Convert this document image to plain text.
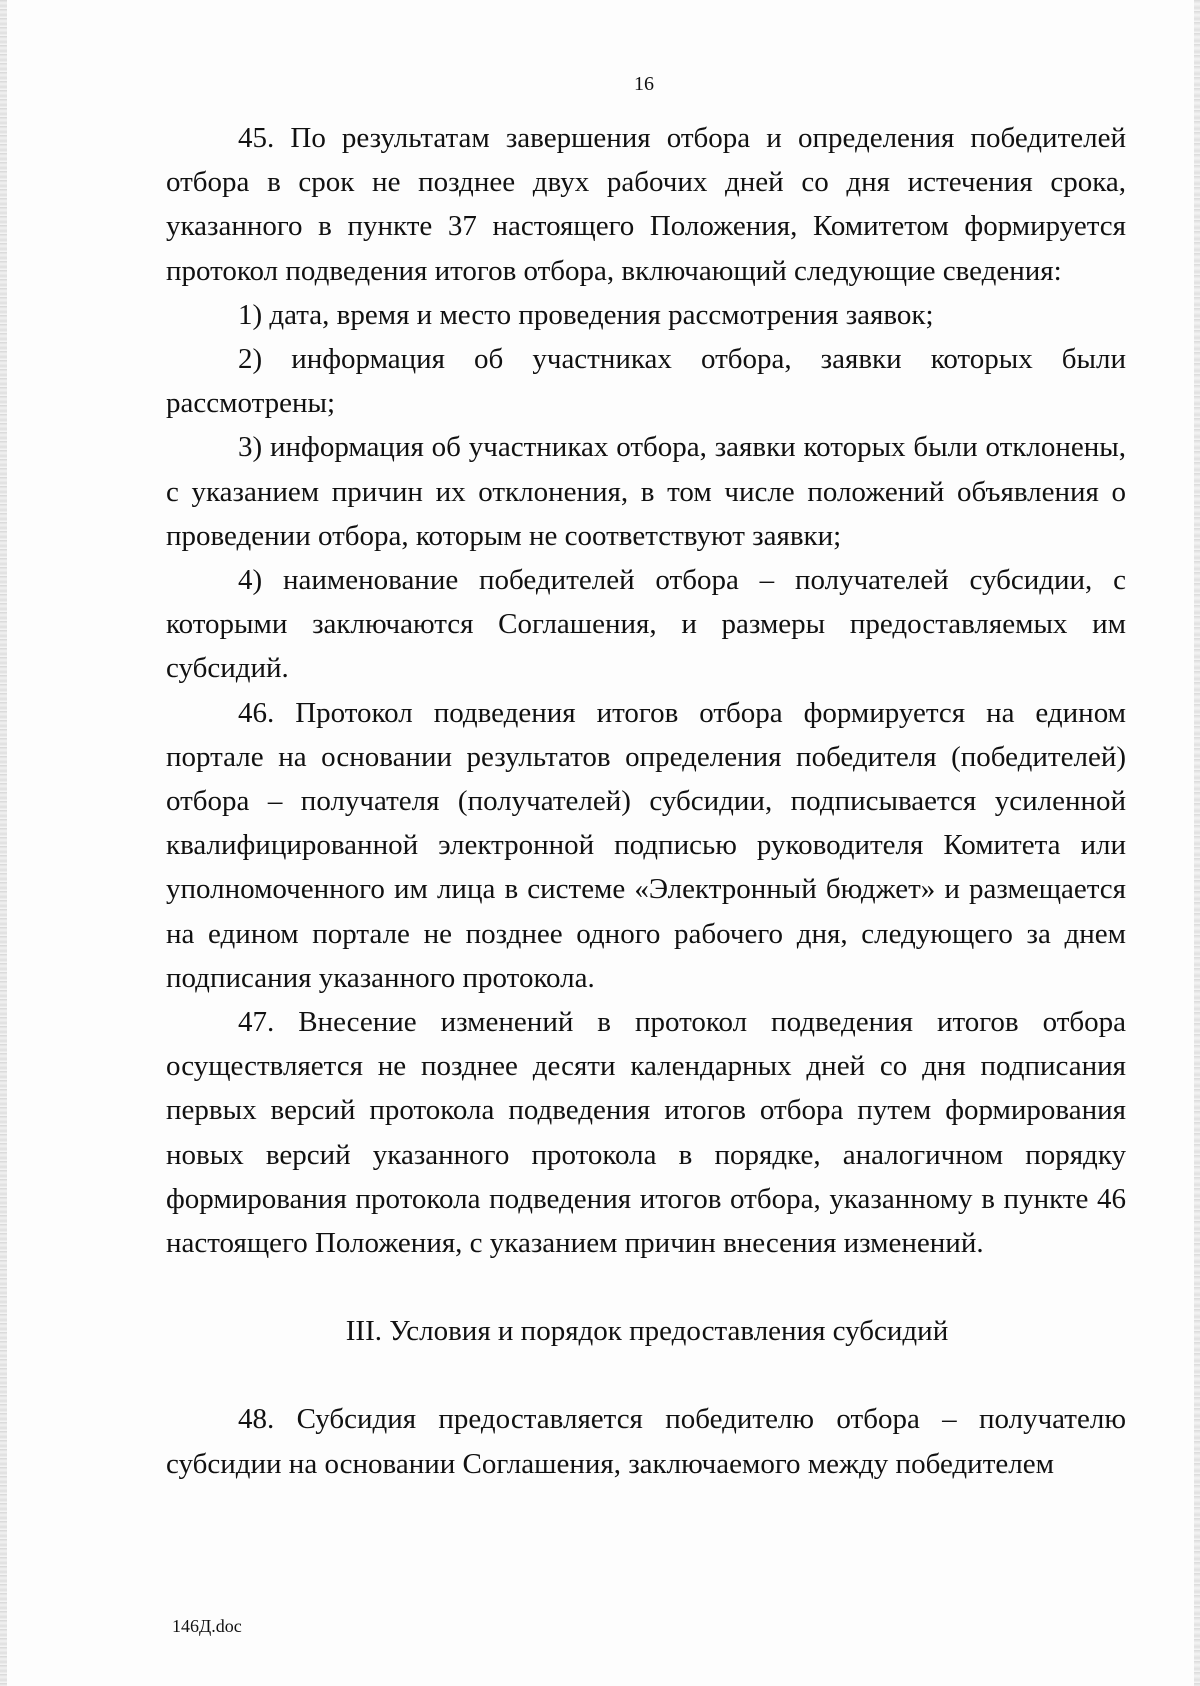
16

45. По результатам завершения отбора и определения победителей отбора в срок не позднее двух рабочих дней со дня истечения срока, указанного в пункте 37 настоящего Положения, Комитетом формируется протокол подведения итогов отбора, включающий следующие сведения:

1) дата, время и место проведения рассмотрения заявок;

2) информация об участниках отбора, заявки которых были рассмотрены;

3) информация об участниках отбора, заявки которых были отклонены, с указанием причин их отклонения, в том числе положений объявления о проведении отбора, которым не соответствуют заявки;

4) наименование победителей отбора – получателей субсидии, с которыми заключаются Соглашения, и размеры предоставляемых им субсидий.

46. Протокол подведения итогов отбора формируется на едином портале на основании результатов определения победителя (победителей) отбора – получателя (получателей) субсидии, подписывается усиленной квалифицированной электронной подписью руководителя Комитета или уполномоченного им лица в системе «Электронный бюджет» и размещается на едином портале не позднее одного рабочего дня, следующего за днем подписания указанного протокола.

47. Внесение изменений в протокол подведения итогов отбора осуществляется не позднее десяти календарных дней со дня подписания первых версий протокола подведения итогов отбора путем формирования новых версий указанного протокола в порядке, аналогичном порядку формирования протокола подведения итогов отбора, указанному в пункте 46 настоящего Положения, с указанием причин внесения изменений.

III. Условия и порядок предоставления субсидий

48. Субсидия предоставляется победителю отбора – получателю субсидии на основании Соглашения, заключаемого между победителем

146Д.doc
